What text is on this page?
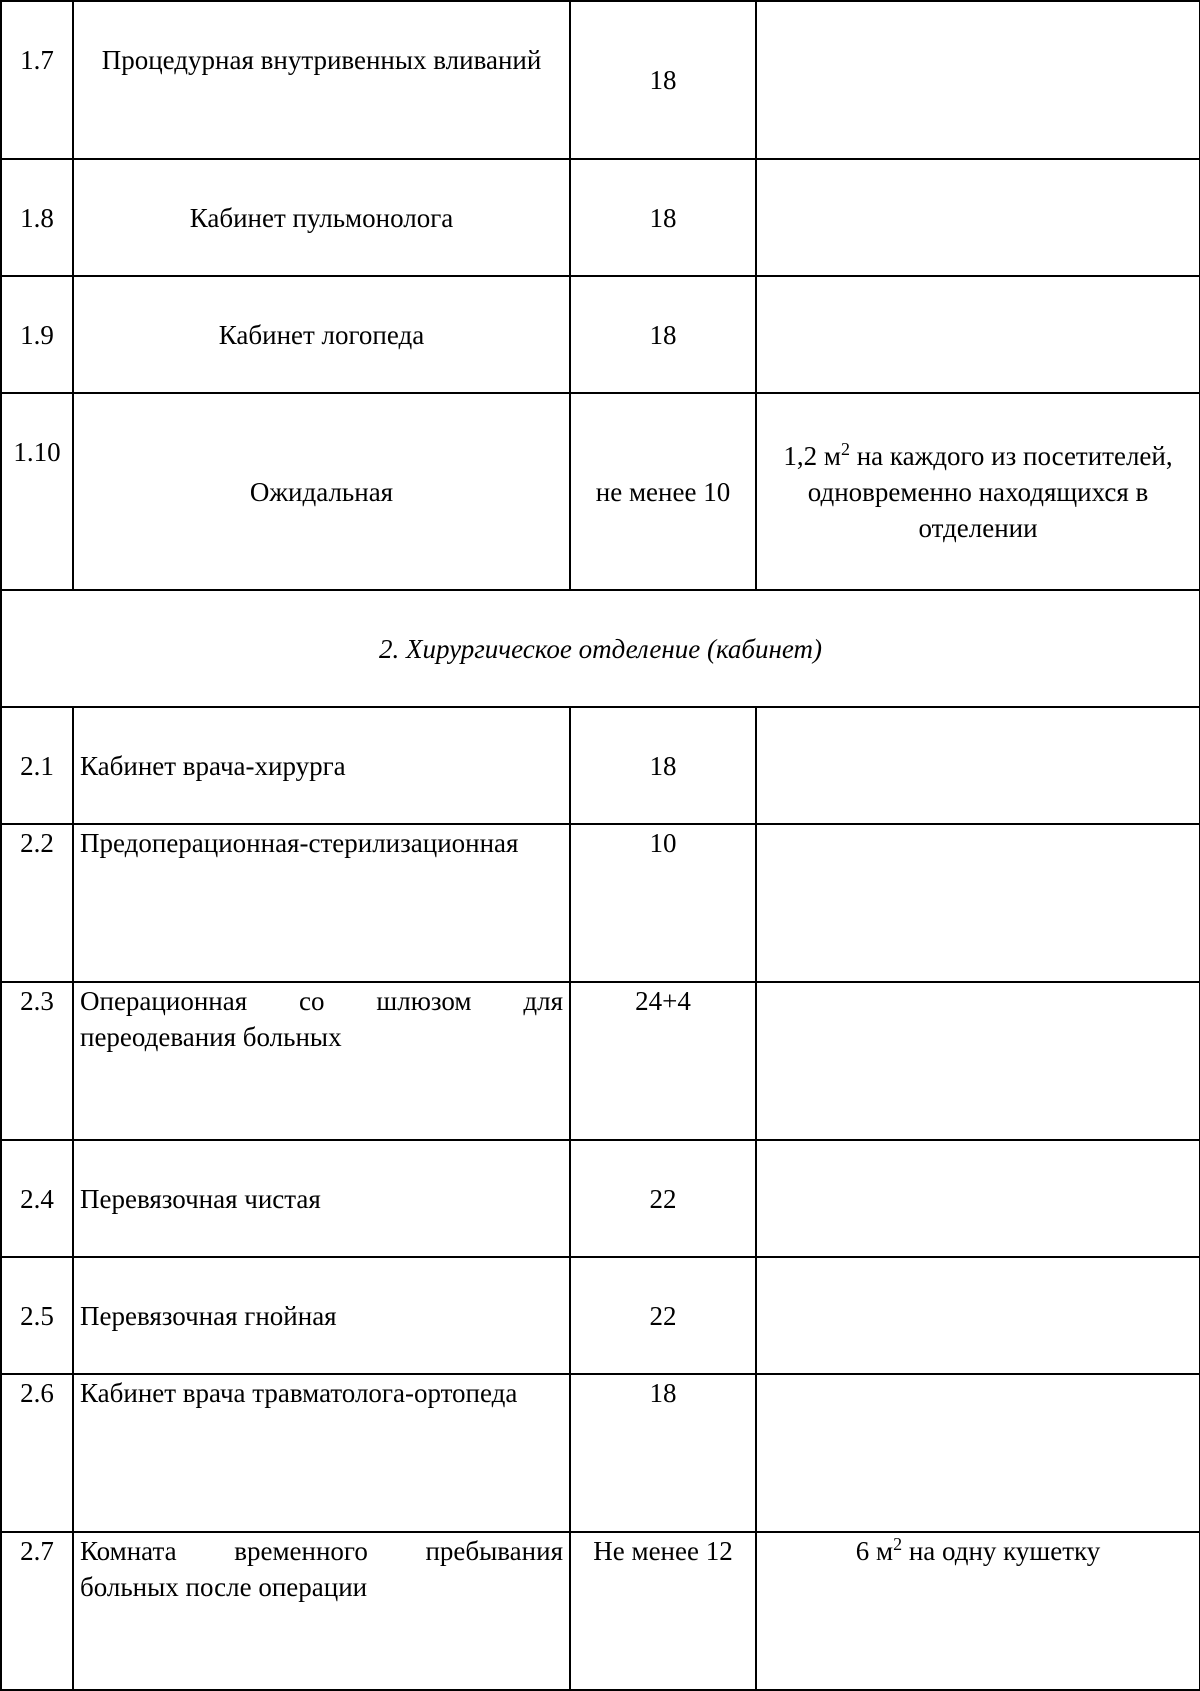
1.7	Процедурная внутривенных вливаний	18	
1.8	Кабинет пульмонолога	18	
1.9	Кабинет логопеда	18	
1.10	Ожидальная	не менее 10	1,2 $м^2$ на каждого из посетителей, одновременно находящихся в отделении
2. Хирургическое отделение (кабинет)			
2.1	Кабинет врача-хирурга	18	
2.2	Предоперационная-стерилизационная	10	
2.3	Операционная со шлюзом для переодевания больных	24+4	
2.4	Перевязочная чистая	22	
2.5	Перевязочная гнойная	22	
2.6	Кабинет врача травматолога-ортопеда	18	
2.7	Комната временного пребывания больных после операции	Не менее 12	6 $м^2$ на одну кушетку
